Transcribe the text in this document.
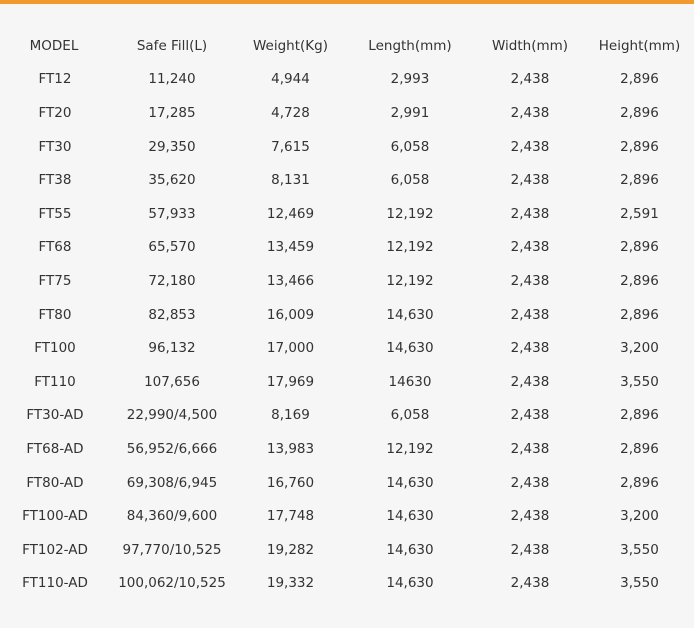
MODEL	Safe Fill(L)	Weight(Kg)	Length(mm)	Width(mm)	Height(mm)
FT12	11,240	4,944	2,993	2,438	2,896
FT20	17,285	4,728	2,991	2,438	2,896
FT30	29,350	7,615	6,058	2,438	2,896
FT38	35,620	8,131	6,058	2,438	2,896
FT55	57,933	12,469	12,192	2,438	2,591
FT68	65,570	13,459	12,192	2,438	2,896
FT75	72,180	13,466	12,192	2,438	2,896
FT80	82,853	16,009	14,630	2,438	2,896
FT100	96,132	17,000	14,630	2,438	3,200
FT110	107,656	17,969	14630	2,438	3,550
FT30-AD	22,990/4,500	8,169	6,058	2,438	2,896
FT68-AD	56,952/6,666	13,983	12,192	2,438	2,896
FT80-AD	69,308/6,945	16,760	14,630	2,438	2,896
FT100-AD	84,360/9,600	17,748	14,630	2,438	3,200
FT102-AD	97,770/10,525	19,282	14,630	2,438	3,550
FT110-AD	100,062/10,525	19,332	14,630	2,438	3,550
